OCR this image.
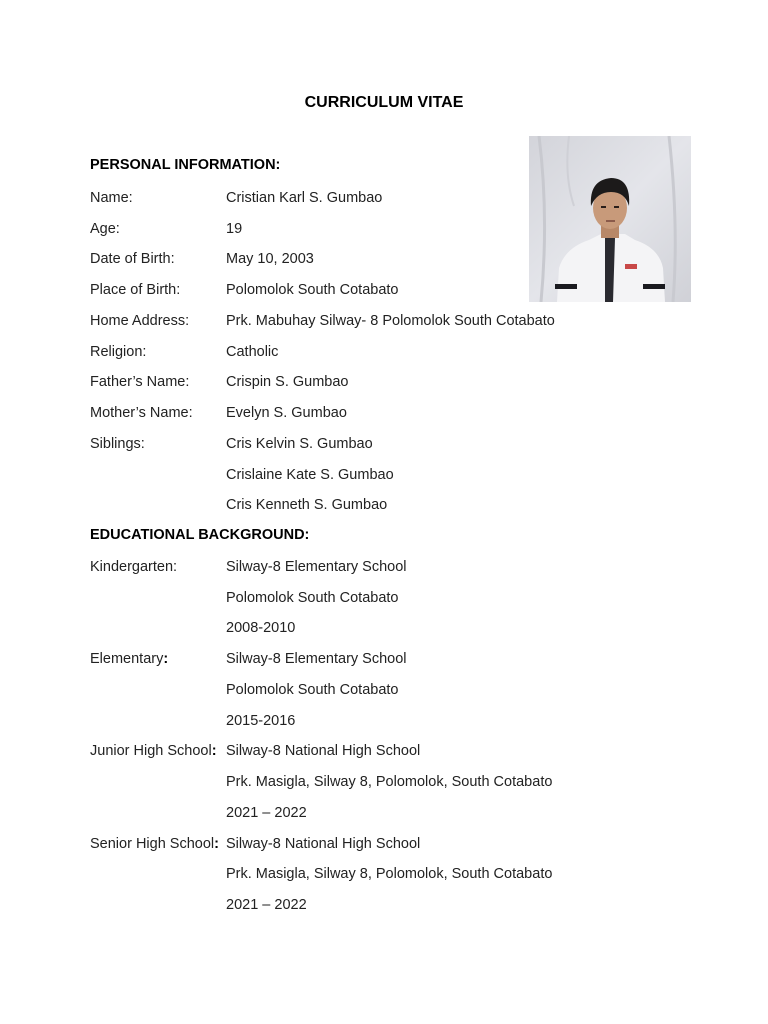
CURRICULUM VITAE
PERSONAL INFORMATION:
Name:	Cristian Karl S. Gumbao
Age:	19
Date of Birth:	May 10, 2003
Place of Birth:	Polomolok South Cotabato
Home Address:	Prk. Mabuhay Silway- 8 Polomolok South Cotabato
Religion:	Catholic
Father’s Name:	Crispin S. Gumbao
Mother’s Name: Evelyn S. Gumbao
Siblings:	Cris Kelvin S. Gumbao
Crislaine Kate S. Gumbao
Cris Kenneth S. Gumbao
EDUCATIONAL BACKGROUND:
Kindergarten:	Silway-8 Elementary School
Polomolok South Cotabato
2008-2010
Elementary:	Silway-8 Elementary School
Polomolok South Cotabato
2015-2016
Junior High School: Silway-8 National High School
Prk. Masigla, Silway 8, Polomolok, South Cotabato
2021 – 2022
Senior High School: Silway-8 National High School
Prk. Masigla, Silway 8, Polomolok, South Cotabato
2021 – 2022
